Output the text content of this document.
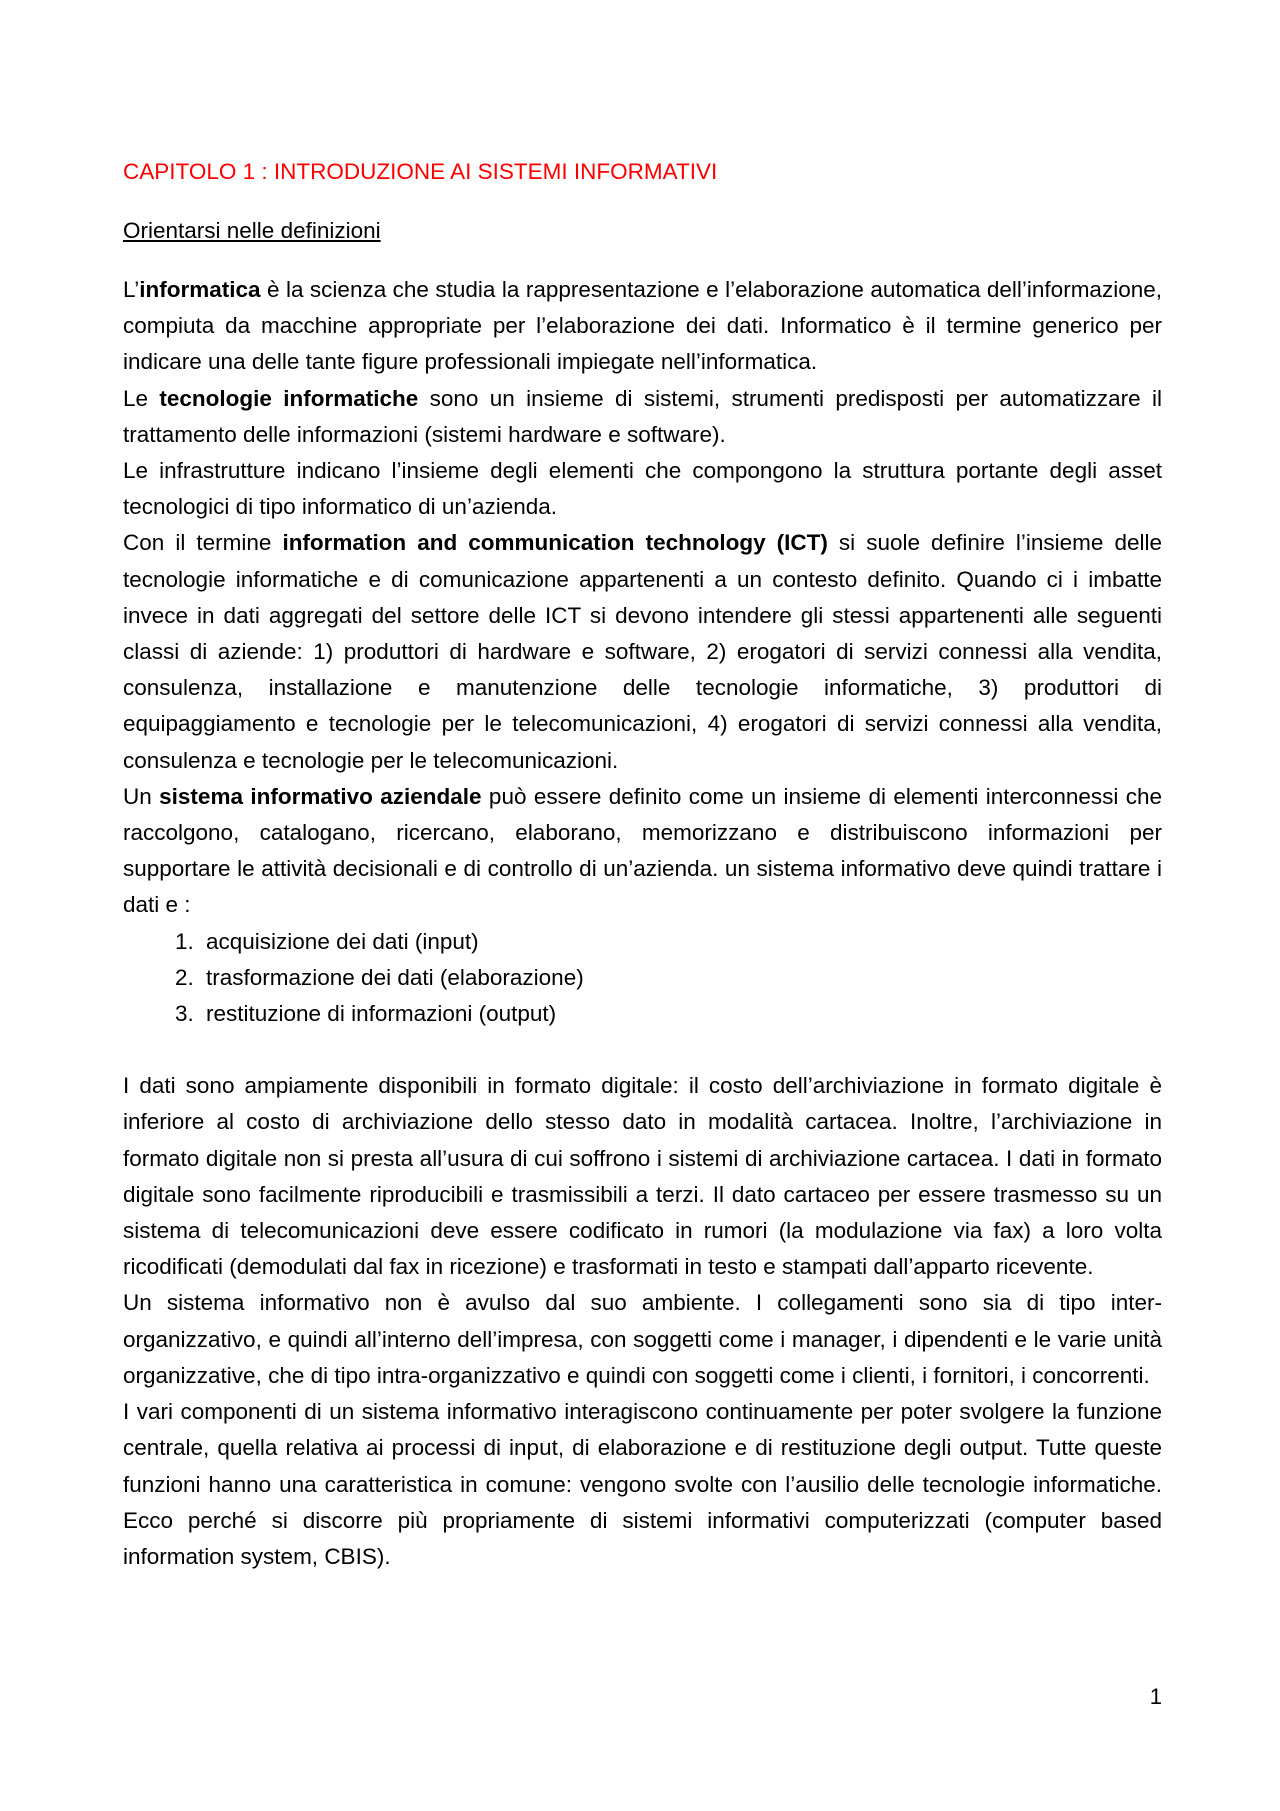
CAPITOLO 1 : INTRODUZIONE AI SISTEMI INFORMATIVI
Orientarsi nelle definizioni

L’informatica è la scienza che studia la rappresentazione e l’elaborazione automatica dell’informazione, compiuta da macchine appropriate per l’elaborazione dei dati. Informatico è il termine generico per indicare una delle tante figure professionali impiegate nell’informatica.

Le tecnologie informatiche sono un insieme di sistemi, strumenti predisposti per automatizzare il trattamento delle informazioni (sistemi hardware e software).

Le infrastrutture indicano l’insieme degli elementi che compongono la struttura portante degli asset tecnologici di tipo informatico di un’azienda.

Con il termine information and communication technology (ICT) si suole definire l’insieme delle tecnologie informatiche e di comunicazione appartenenti a un contesto definito. Quando ci i imbatte invece in dati aggregati del settore delle ICT si devono intendere gli stessi appartenenti alle seguenti classi di aziende: 1) produttori di hardware e software, 2) erogatori di servizi connessi alla vendita, consulenza, installazione e manutenzione delle tecnologie informatiche, 3) produttori di equipaggiamento e tecnologie per le telecomunicazioni, 4) erogatori di servizi connessi alla vendita, consulenza e tecnologie per le telecomunicazioni.

Un sistema informativo aziendale può essere definito come un insieme di elementi interconnessi che raccolgono, catalogano, ricercano, elaborano, memorizzano e distribuiscono informazioni per supportare le attività decisionali e di controllo di un’azienda. un sistema informativo deve quindi trattare i dati e :

1. acquisizione dei dati (input)
2. trasformazione dei dati (elaborazione)
3. restituzione di informazioni (output)

I dati sono ampiamente disponibili in formato digitale: il costo dell’archiviazione in formato digitale è inferiore al costo di archiviazione dello stesso dato in modalità cartacea. Inoltre, l’archiviazione in formato digitale non si presta all’usura di cui soffrono i sistemi di archiviazione cartacea. I dati in formato digitale sono facilmente riproducibili e trasmissibili a terzi. Il dato cartaceo per essere trasmesso su un sistema di telecomunicazioni deve essere codificato in rumori (la modulazione via fax) a loro volta ricodificati (demodulati dal fax in ricezione) e trasformati in testo e stampati dall’apparto ricevente.

Un sistema informativo non è avulso dal suo ambiente. I collegamenti sono sia di tipo inter-organizzativo, e quindi all’interno dell’impresa, con soggetti come i manager, i dipendenti e le varie unità organizzative, che di tipo intra-organizzativo e quindi con soggetti come i clienti, i fornitori, i concorrenti.

I vari componenti di un sistema informativo interagiscono continuamente per poter svolgere la funzione centrale, quella relativa ai processi di input, di elaborazione e di restituzione degli output. Tutte queste funzioni hanno una caratteristica in comune: vengono svolte con l’ausilio delle tecnologie informatiche. Ecco perché si discorre più propriamente di sistemi informativi computerizzati (computer based information system, CBIS).

1
